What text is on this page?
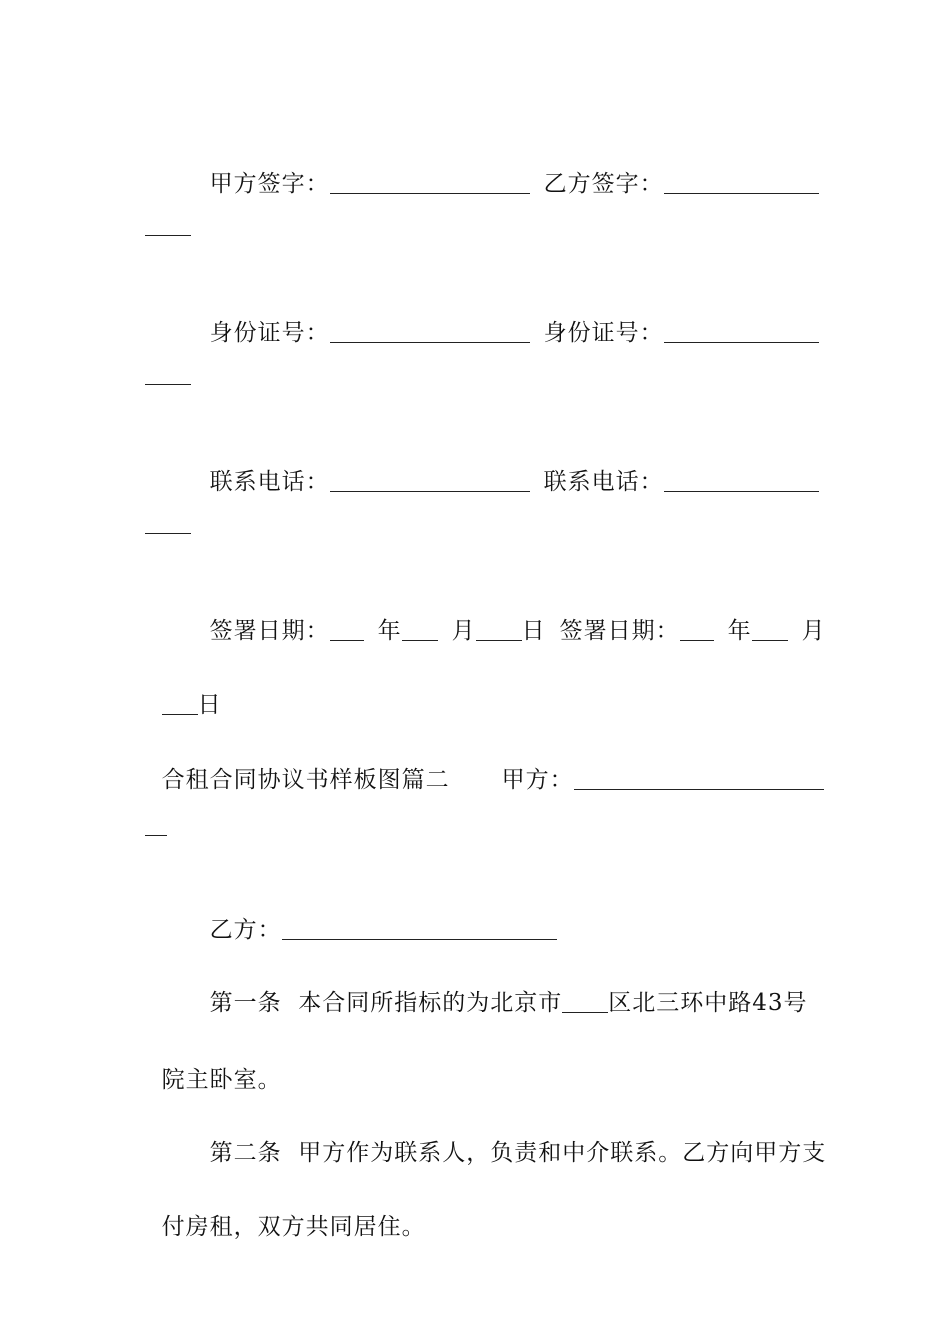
甲方签字：	乙方签字：

身份证号：	身份证号：

联系电话：	联系电话：

签署日期： 年 月 日 签署日期： 年 月

日

合租合同协议书样板图篇二 甲方：

乙方：

第一条  本合同所指标的为北京市 区北三环中路43号

院主卧室。

第二条  甲方作为联系人，负责和中介联系。乙方向甲方支

付房租，双方共同居住。
